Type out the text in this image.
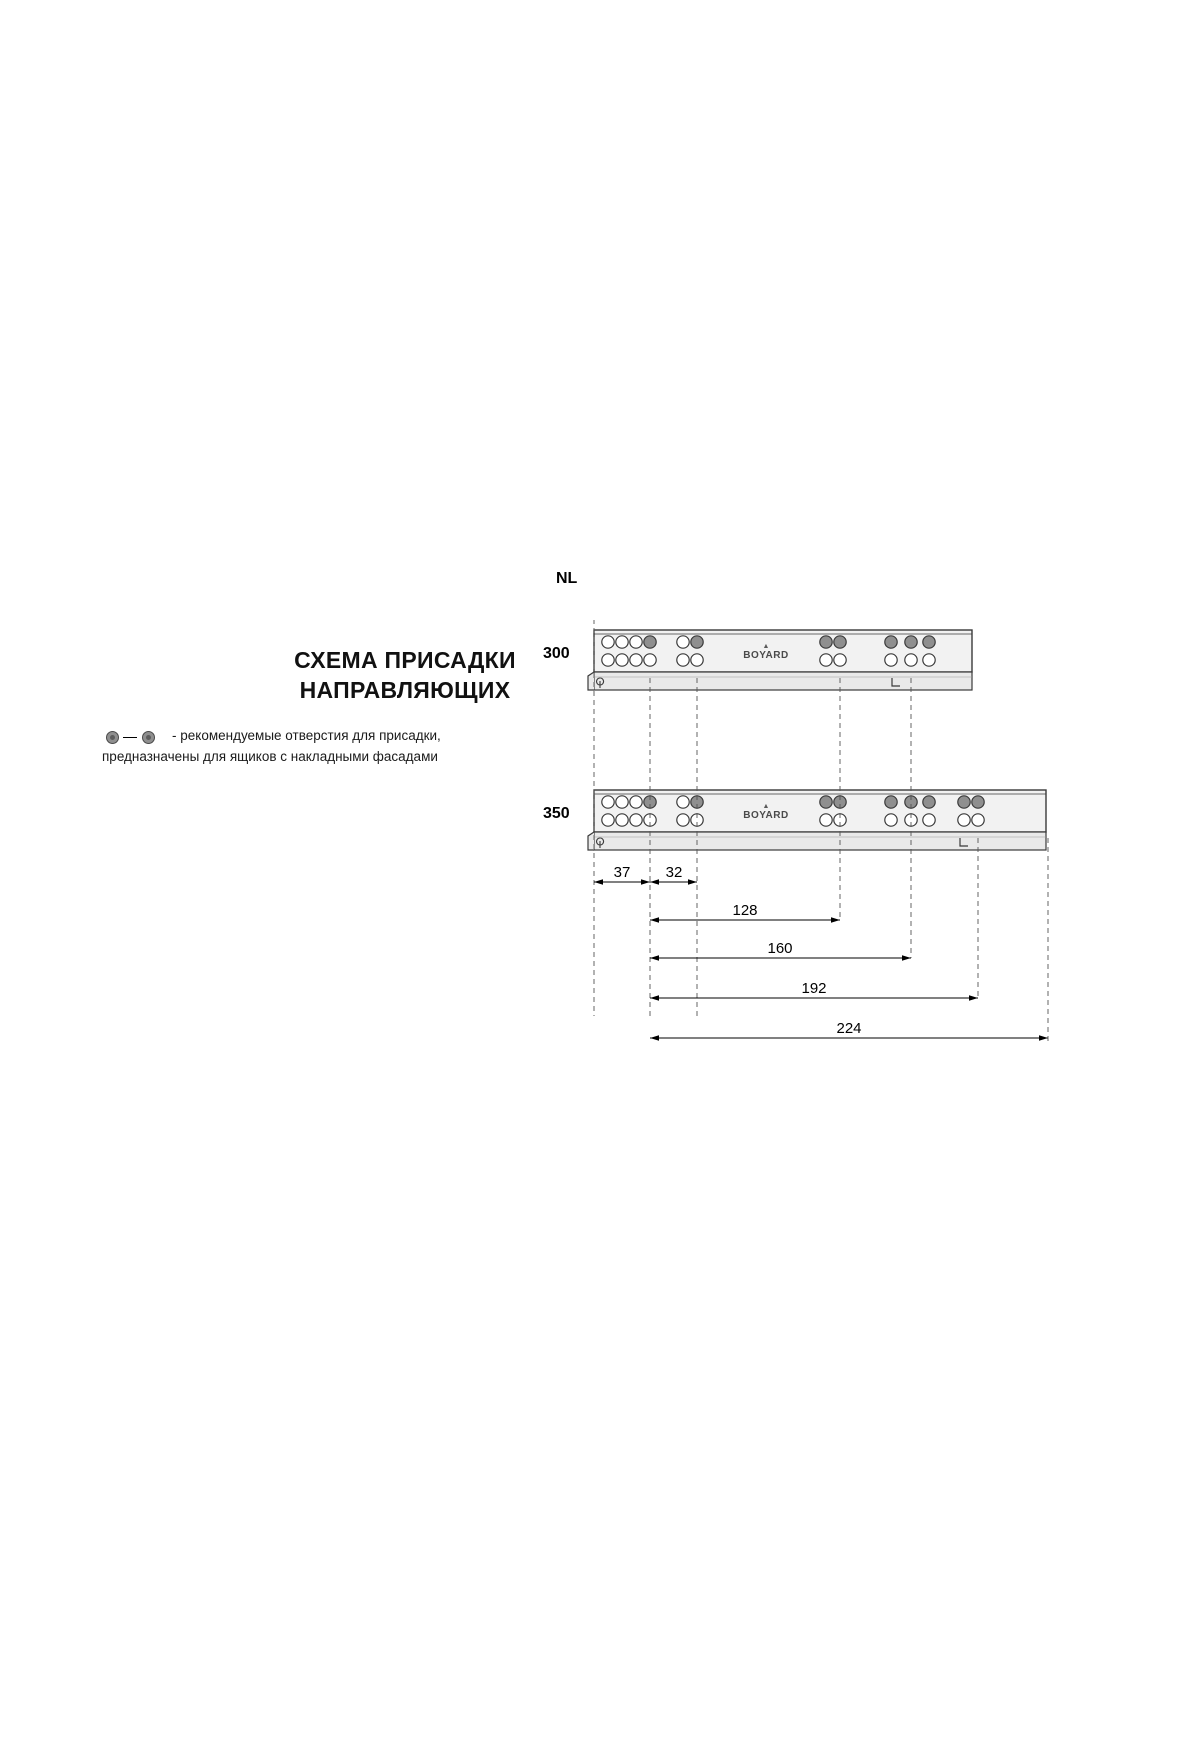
СХЕМА ПРИСАДКИ
НАПРАВЛЯЮЩИХ
- рекомендуемые отверстия для присадки,
предназначены для ящиков с накладными фасадами
NL
300
350
▲
BOYARD
▲
BOYARD
37 32
128
160
192
224
